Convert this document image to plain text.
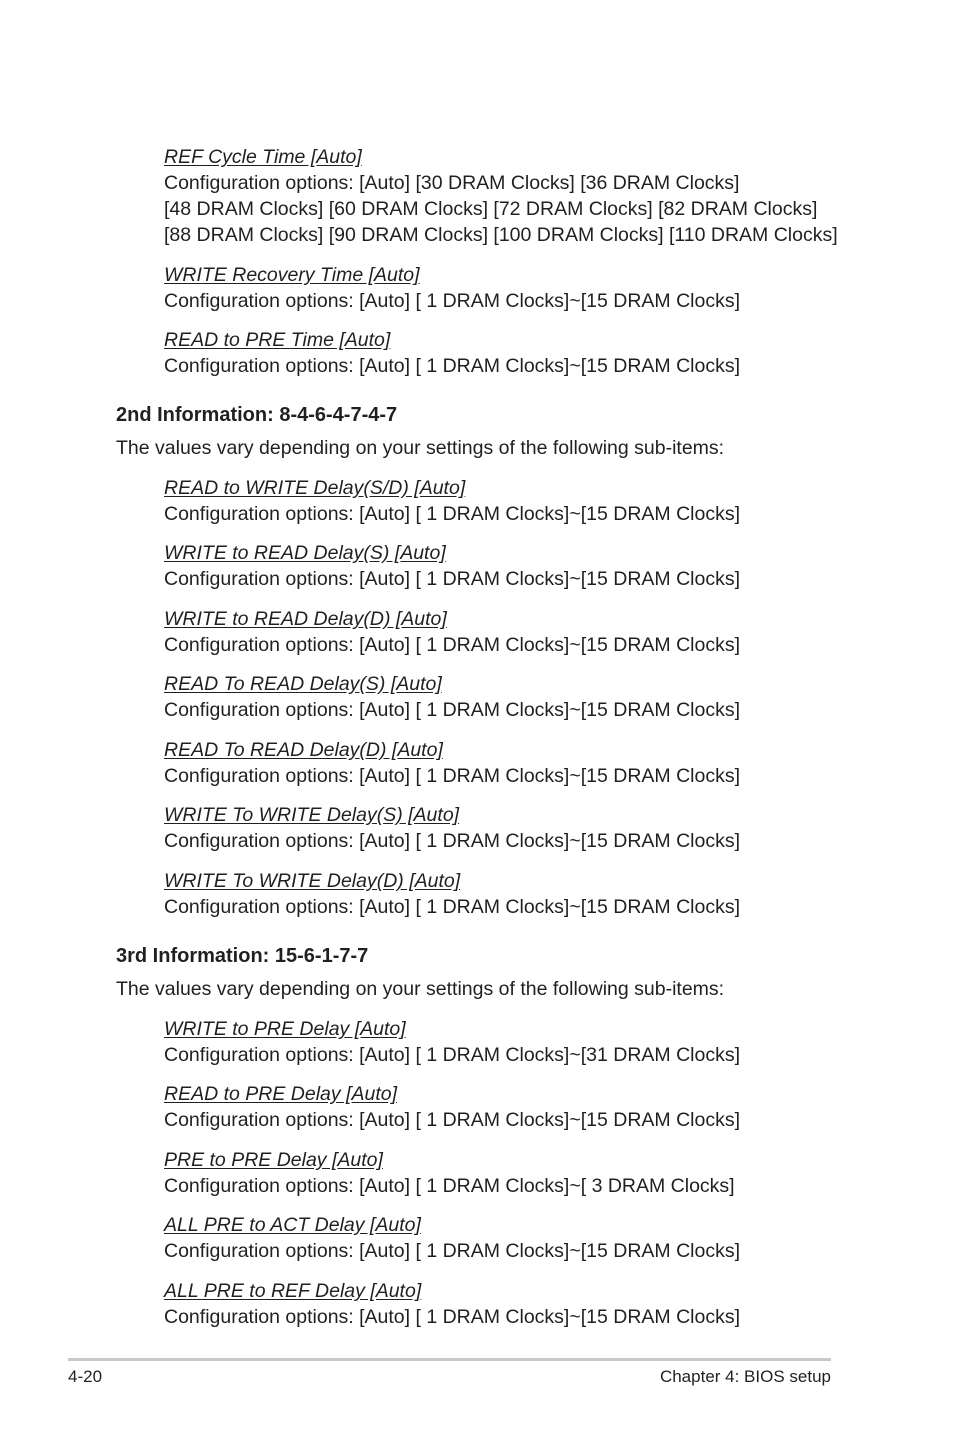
REF Cycle Time [Auto]
Configuration options: [Auto] [30 DRAM Clocks] [36 DRAM Clocks]
[48 DRAM Clocks] [60 DRAM Clocks] [72 DRAM Clocks] [82 DRAM Clocks]
[88 DRAM Clocks] [90 DRAM Clocks] [100 DRAM Clocks] [110 DRAM Clocks]
WRITE Recovery Time [Auto]
Configuration options: [Auto] [ 1 DRAM Clocks]~[15 DRAM Clocks]
READ to PRE Time [Auto]
Configuration options: [Auto] [ 1 DRAM Clocks]~[15 DRAM Clocks]
2nd Information: 8-4-6-4-7-4-7
The values vary depending on your settings of the following sub-items:
READ to WRITE Delay(S/D) [Auto]
Configuration options: [Auto] [ 1 DRAM Clocks]~[15 DRAM Clocks]
WRITE to READ Delay(S) [Auto]
Configuration options: [Auto] [ 1 DRAM Clocks]~[15 DRAM Clocks]
WRITE to READ Delay(D) [Auto]
Configuration options: [Auto] [ 1 DRAM Clocks]~[15 DRAM Clocks]
READ To READ Delay(S) [Auto]
Configuration options: [Auto] [ 1 DRAM Clocks]~[15 DRAM Clocks]
READ To READ Delay(D) [Auto]
Configuration options: [Auto] [ 1 DRAM Clocks]~[15 DRAM Clocks]
WRITE To WRITE Delay(S) [Auto]
Configuration options: [Auto] [ 1 DRAM Clocks]~[15 DRAM Clocks]
WRITE To WRITE Delay(D) [Auto]
Configuration options: [Auto] [ 1 DRAM Clocks]~[15 DRAM Clocks]
3rd Information: 15-6-1-7-7
The values vary depending on your settings of the following sub-items:
WRITE to PRE Delay [Auto]
Configuration options: [Auto] [ 1 DRAM Clocks]~[31 DRAM Clocks]
READ to PRE Delay [Auto]
Configuration options: [Auto] [ 1 DRAM Clocks]~[15 DRAM Clocks]
PRE to PRE Delay [Auto]
Configuration options: [Auto] [ 1 DRAM Clocks]~[ 3 DRAM Clocks]
ALL PRE to ACT Delay [Auto]
Configuration options: [Auto] [ 1 DRAM Clocks]~[15 DRAM Clocks]
ALL PRE to REF Delay [Auto]
Configuration options: [Auto] [ 1 DRAM Clocks]~[15 DRAM Clocks]
4-20	Chapter 4: BIOS setup
